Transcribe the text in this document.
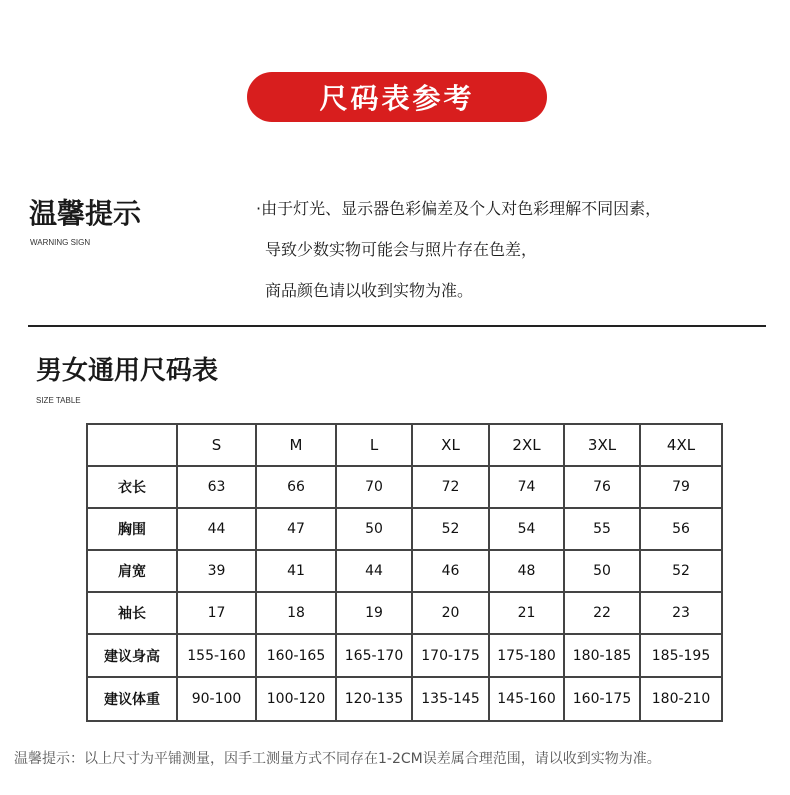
尺码表参考
温馨提示
WARNING SIGN
·由于灯光、显示器色彩偏差及个人对色彩理解不同因素，
导致少数实物可能会与照片存在色差，
商品颜色请以收到实物为准。
男女通用尺码表
SIZE TABLE
	S	M	L	XL	2XL	3XL	4XL
衣长	63	66	70	72	74	76	79
胸围	44	47	50	52	54	55	56
肩宽	39	41	44	46	48	50	52
袖长	17	18	19	20	21	22	23
建议身高	155-160	160-165	165-170	170-175	175-180	180-185	185-195
建议体重	90-100	100-120	120-135	135-145	145-160	160-175	180-210
温馨提示：以上尺寸为平铺测量，因手工测量方式不同存在1-2CM误差属合理范围，请以收到实物为准。
